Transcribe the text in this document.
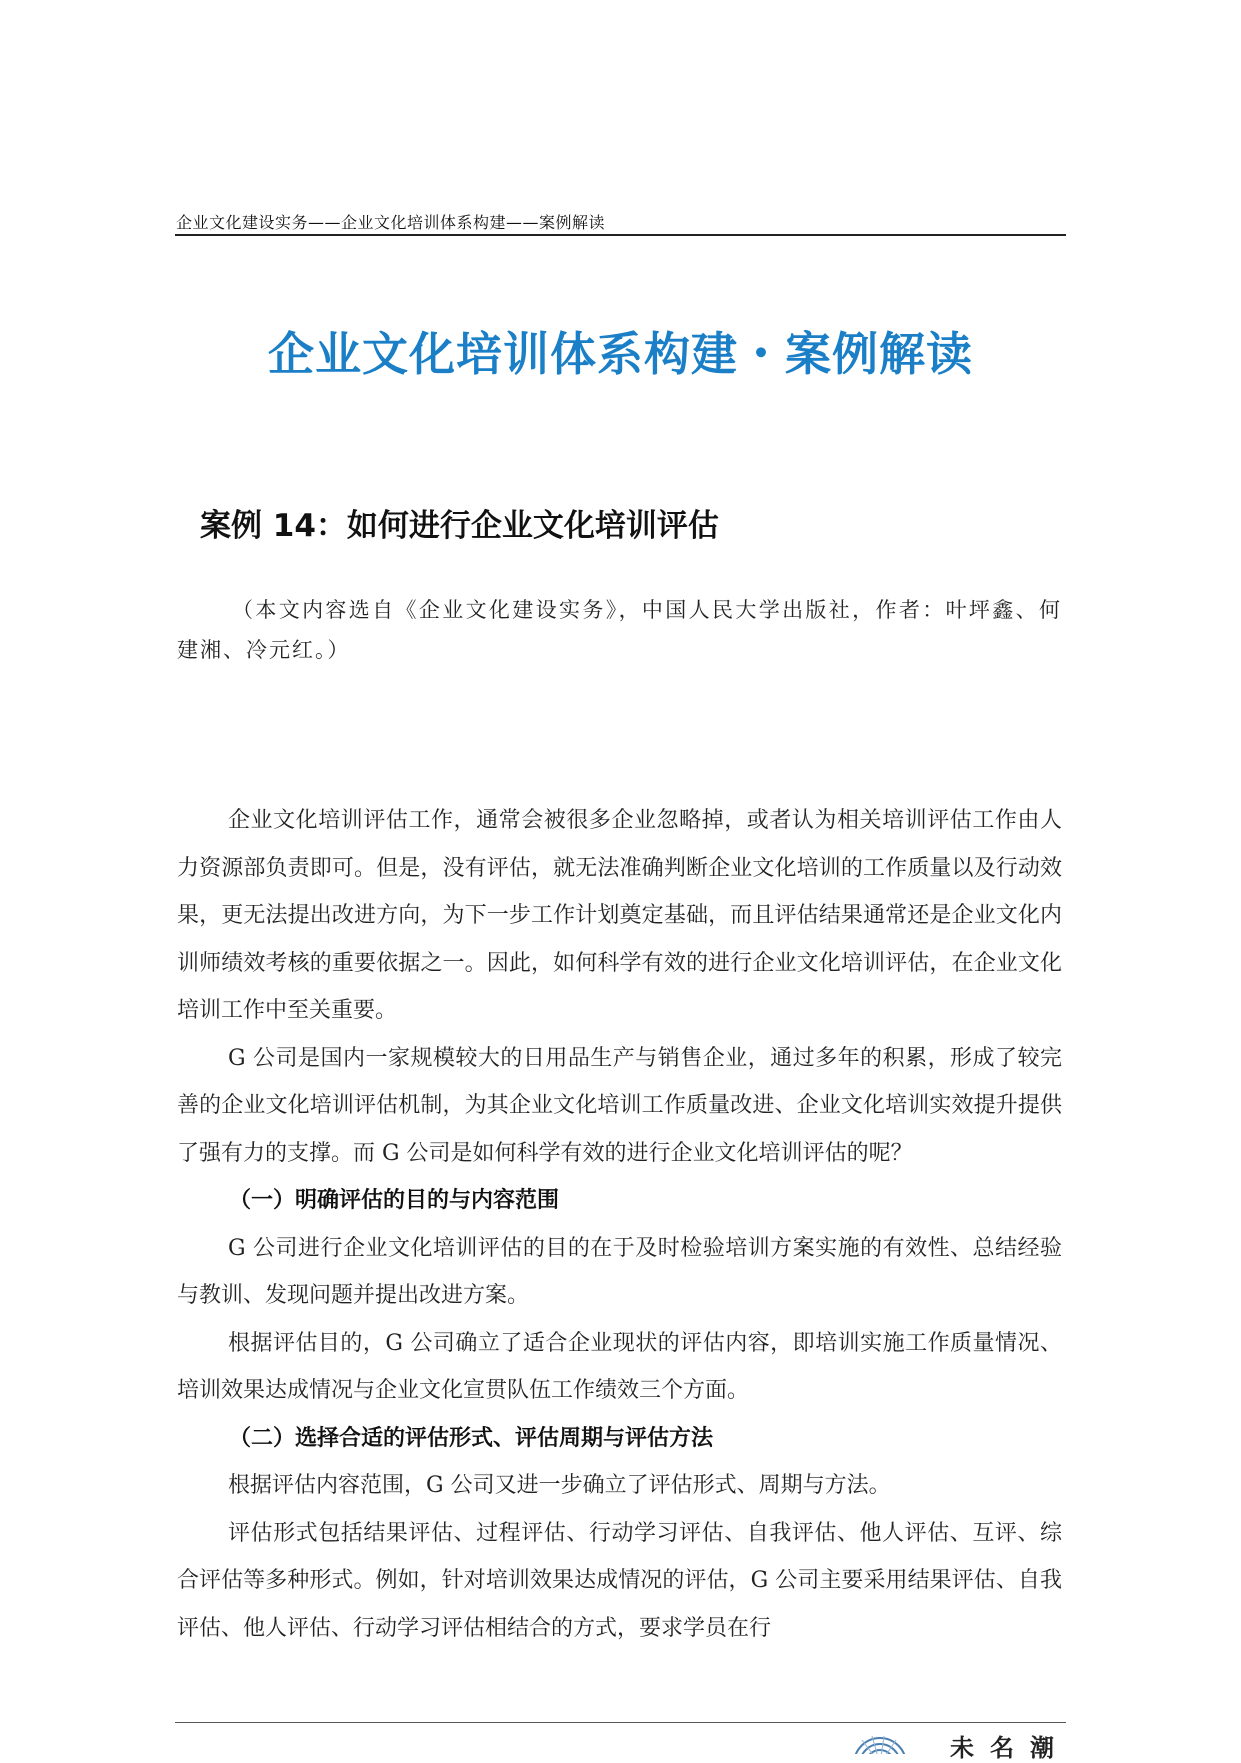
企业文化建设实务——企业文化培训体系构建——案例解读
企业文化培训体系构建・案例解读
案例 14：如何进行企业文化培训评估
（本文内容选自《企业文化建设实务》，中国人民大学出版社，作者：叶坪鑫、何建湘、冷元红。）

企业文化培训评估工作，通常会被很多企业忽略掉，或者认为相关培训评估工作由人力资源部负责即可。但是，没有评估，就无法准确判断企业文化培训的工作质量以及行动效果，更无法提出改进方向，为下一步工作计划奠定基础，而且评估结果通常还是企业文化内训师绩效考核的重要依据之一。因此，如何科学有效的进行企业文化培训评估，在企业文化培训工作中至关重要。

G 公司是国内一家规模较大的日用品生产与销售企业，通过多年的积累，形成了较完善的企业文化培训评估机制，为其企业文化培训工作质量改进、企业文化培训实效提升提供了强有力的支撑。而 G 公司是如何科学有效的进行企业文化培训评估的呢？

（一）明确评估的目的与内容范围

G 公司进行企业文化培训评估的目的在于及时检验培训方案实施的有效性、总结经验与教训、发现问题并提出改进方案。

根据评估目的，G 公司确立了适合企业现状的评估内容，即培训实施工作质量情况、培训效果达成情况与企业文化宣贯队伍工作绩效三个方面。

（二）选择合适的评估形式、评估周期与评估方法

根据评估内容范围，G 公司又进一步确立了评估形式、周期与方法。

评估形式包括结果评估、过程评估、行动学习评估、自我评估、他人评估、互评、综合评估等多种形式。例如，针对培训效果达成情况的评估，G 公司主要采用结果评估、自我评估、他人评估、行动学习评估相结合的方式，要求学员在行

未名潮
